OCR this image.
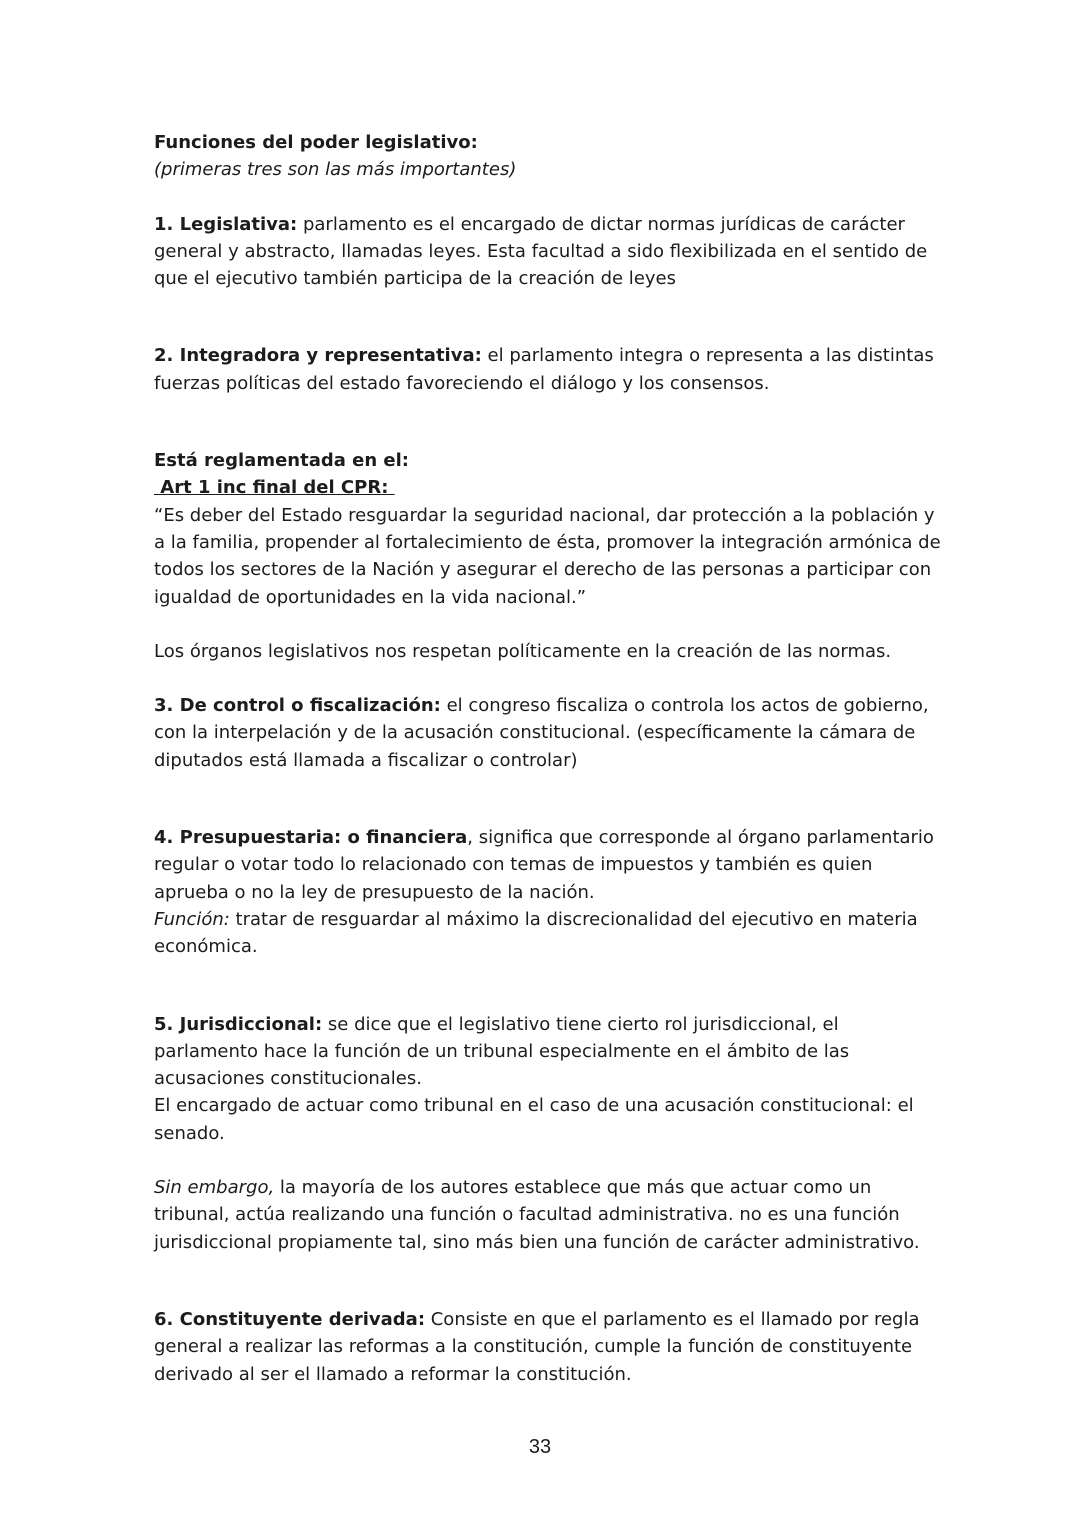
Funciones del poder legislativo:

(primeras tres son las más importantes)

1. Legislativa: parlamento es el encargado de dictar normas jurídicas de carácter general y abstracto, llamadas leyes. Esta facultad a sido flexibilizada en el sentido de que el ejecutivo también participa de la creación de leyes

2. Integradora y representativa: el parlamento integra o representa a las distintas fuerzas políticas del estado favoreciendo el diálogo y los consensos.

Está reglamentada en el:

Art 1 inc final del CPR:

“Es deber del Estado resguardar la seguridad nacional, dar protección a la población y a la familia, propender al fortalecimiento de ésta, promover la integración armónica de todos los sectores de la Nación y asegurar el derecho de las personas a participar con igualdad de oportunidades en la vida nacional.”

Los órganos legislativos nos respetan políticamente en la creación de las normas.

3. De control o fiscalización: el congreso fiscaliza o controla los actos de gobierno, con la interpelación y de la acusación constitucional. (específicamente la cámara de diputados está llamada a fiscalizar o controlar)

4. Presupuestaria: o financiera, significa que corresponde al órgano parlamentario regular o votar todo lo relacionado con temas de impuestos y también es quien aprueba o no la ley de presupuesto de la nación.

Función: tratar de resguardar al máximo la discrecionalidad del ejecutivo en materia económica.

5. Jurisdiccional: se dice que el legislativo tiene cierto rol jurisdiccional, el parlamento hace la función de un tribunal especialmente en el ámbito de las acusaciones constitucionales.

El encargado de actuar como tribunal en el caso de una acusación constitucional: el senado.

Sin embargo, la mayoría de los autores establece que más que actuar como un tribunal, actúa realizando una función o facultad administrativa. no es una función jurisdiccional propiamente tal, sino más bien una función de carácter administrativo.

6. Constituyente derivada: Consiste en que el parlamento es el llamado por regla general a realizar las reformas a la constitución, cumple la función de constituyente derivado al ser el llamado a reformar la constitución.

33
